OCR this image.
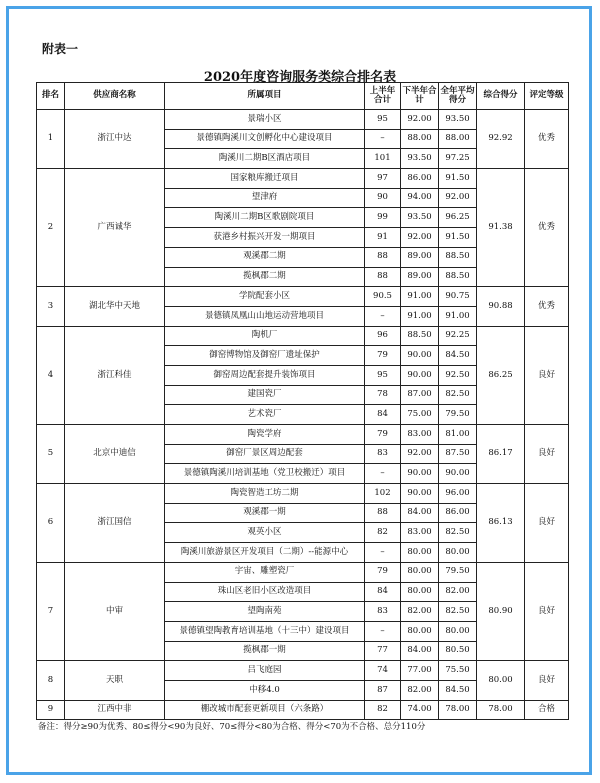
附表一
2020年度咨询服务类综合排名表
排名	供应商名称	所属项目	上半年合计	下半年合计	全年平均得分	综合得分	评定等级
1	浙江中达	景瑞小区	95	92.00	93.50	92.92	优秀
		景德镇陶溪川文创孵化中心建设项目	–	88.00	88.00		
		陶溪川二期B区酒店项目	101	93.50	97.25		
2	广西诚华	国家粮库搬迁项目	97	86.00	91.50	91.38	优秀
		望津府	90	94.00	92.00		
		陶溪川二期B区歌剧院项目	99	93.50	96.25		
		获港乡村振兴开发一期项目	91	92.00	91.50		
		观溪郡二期	88	89.00	88.50		
		揽枫郡二期	88	89.00	88.50		
3	湖北华中天地	学院配套小区	90.5	91.00	90.75	90.88	优秀
		景德镇凤凰山山地运动营地项目	–	91.00	91.00		
4	浙江科佳	陶机厂	96	88.50	92.25	86.25	良好
		御窑博物馆及御窑厂遗址保护	79	90.00	84.50		
		御窑周边配套提升装饰项目	95	90.00	92.50		
		建国瓷厂	78	87.00	82.50		
		艺术瓷厂	84	75.00	79.50		
5	北京中迪信	陶瓷学府	79	83.00	81.00	86.17	良好
		御窑厂景区周边配套	83	92.00	87.50		
		景德镇陶溪川培训基地（党卫校搬迁）项目	–	90.00	90.00		
6	浙江国信	陶瓷智造工坊二期	102	90.00	96.00	86.13	良好
		观溪郡一期	88	84.00	86.00		
		观英小区	82	83.00	82.50		
		陶溪川旅游景区开发项目（二期）--能源中心	–	80.00	80.00		
7	中审	宇宙、雕塑瓷厂	79	80.00	79.50	80.90	良好
		珠山区老旧小区改造项目	84	80.00	82.00		
		望陶南苑	83	82.00	82.50		
		景德镇望陶教育培训基地（十三中）建设项目	–	80.00	80.00		
		揽枫郡一期	77	84.00	80.50		
8	天职	吕飞庭园	74	77.00	75.50	80.00	良好
		中移4.0	87	82.00	84.50		
9	江西中非	棚改城市配套更新项目（六条路）	82	74.00	78.00	78.00	合格
备注：得分≥90为优秀、80≤得分<90为良好、70≤得分<80为合格、得分<70为不合格、总分110分
